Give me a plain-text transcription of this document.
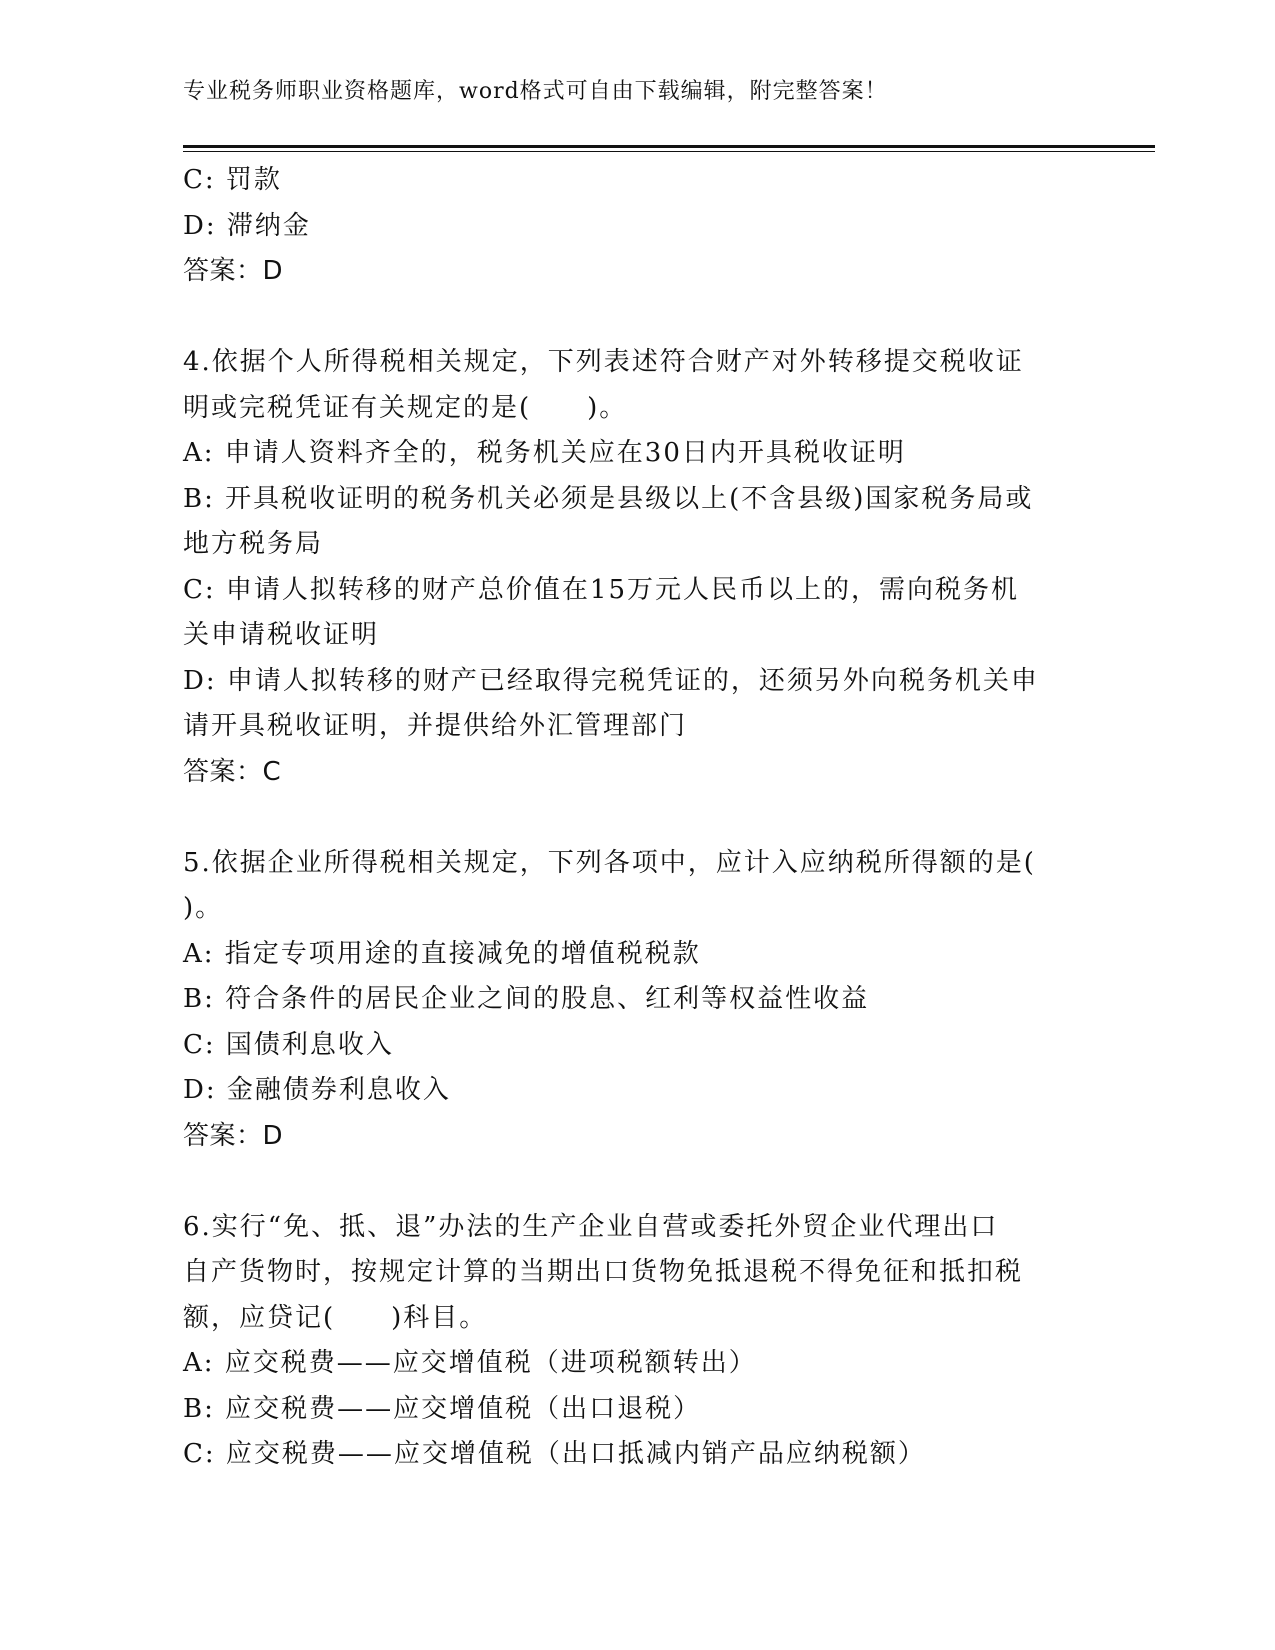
专业税务师职业资格题库，word格式可自由下载编辑，附完整答案！
C: 罚款
D: 滞纳金
答案：D
4.依据个人所得税相关规定，下列表述符合财产对外转移提交税收证
明或完税凭证有关规定的是(　　)。
A: 申请人资料齐全的，税务机关应在30日内开具税收证明
B: 开具税收证明的税务机关必须是县级以上(不含县级)国家税务局或
地方税务局
C: 申请人拟转移的财产总价值在15万元人民币以上的，需向税务机
关申请税收证明
D: 申请人拟转移的财产已经取得完税凭证的，还须另外向税务机关申
请开具税收证明，并提供给外汇管理部门
答案：C
5.依据企业所得税相关规定，下列各项中，应计入应纳税所得额的是(
)。
A: 指定专项用途的直接减免的增值税税款
B: 符合条件的居民企业之间的股息、红利等权益性收益
C: 国债利息收入
D: 金融债券利息收入
答案：D
6.实行“免、抵、退”办法的生产企业自营或委托外贸企业代理出口
自产货物时，按规定计算的当期出口货物免抵退税不得免征和抵扣税
额，应贷记(　　)科目。
A: 应交税费——应交增值税（进项税额转出）
B: 应交税费——应交增值税（出口退税）
C: 应交税费——应交增值税（出口抵减内销产品应纳税额）
